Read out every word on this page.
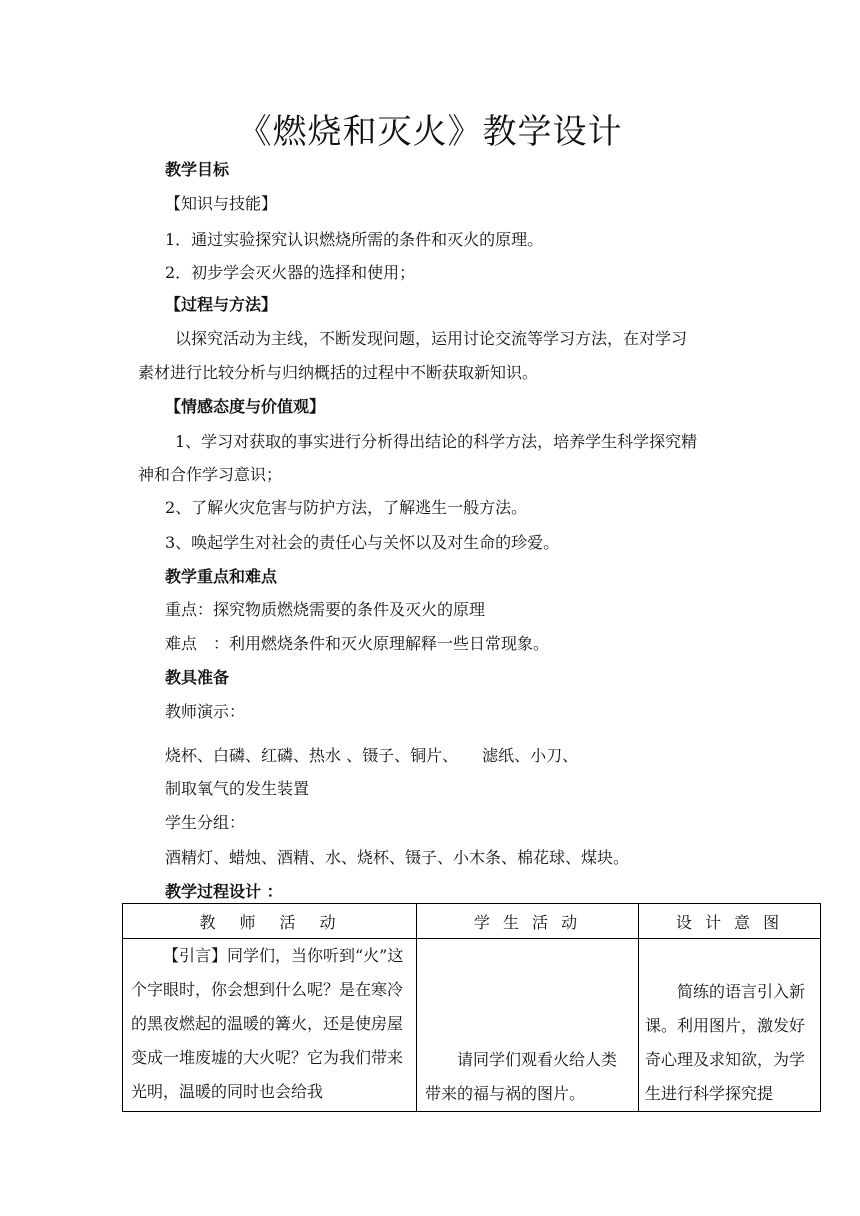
《燃烧和灭火》教学设计
教学目标
【知识与技能】
1．通过实验探究认识燃烧所需的条件和灭火的原理。
2．初步学会灭火器的选择和使用；
【过程与方法】
以探究活动为主线，不断发现问题，运用讨论交流等学习方法，在对学习
素材进行比较分析与归纳概括的过程中不断获取新知识。
【情感态度与价值观】
1、学习对获取的事实进行分析得出结论的科学方法，培养学生科学探究精
神和合作学习意识；
2、了解火灾危害与防护方法，了解逃生一般方法。
3、唤起学生对社会的责任心与关怀以及对生命的珍爱。
教学重点和难点
重点：探究物质燃烧需要的条件及灭火的原理
难点　：利用燃烧条件和灭火原理解释一些日常现象。
教具准备
教师演示：
烧杯、白磷、红磷、热水 、镊子、铜片、　　滤纸、小刀、
制取氧气的发生装置
学生分组：
酒精灯、蜡烛、酒精、水、烧杯、镊子、小木条、棉花球、煤块。
教学过程设计 ：
教　师　活　动	学 生 活 动	设 计 意 图
【引言】同学们，当你听到“火”这个字眼时，你会想到什么呢？是在寒冷的黑夜燃起的温暖的篝火，还是使房屋变成一堆废墟的大火呢？它为我们带来光明，温暖的同时也会给我	请同学们观看火给人类带来的福与祸的图片。	简练的语言引入新课。利用图片，激发好奇心理及求知欲，为学生进行科学探究提
